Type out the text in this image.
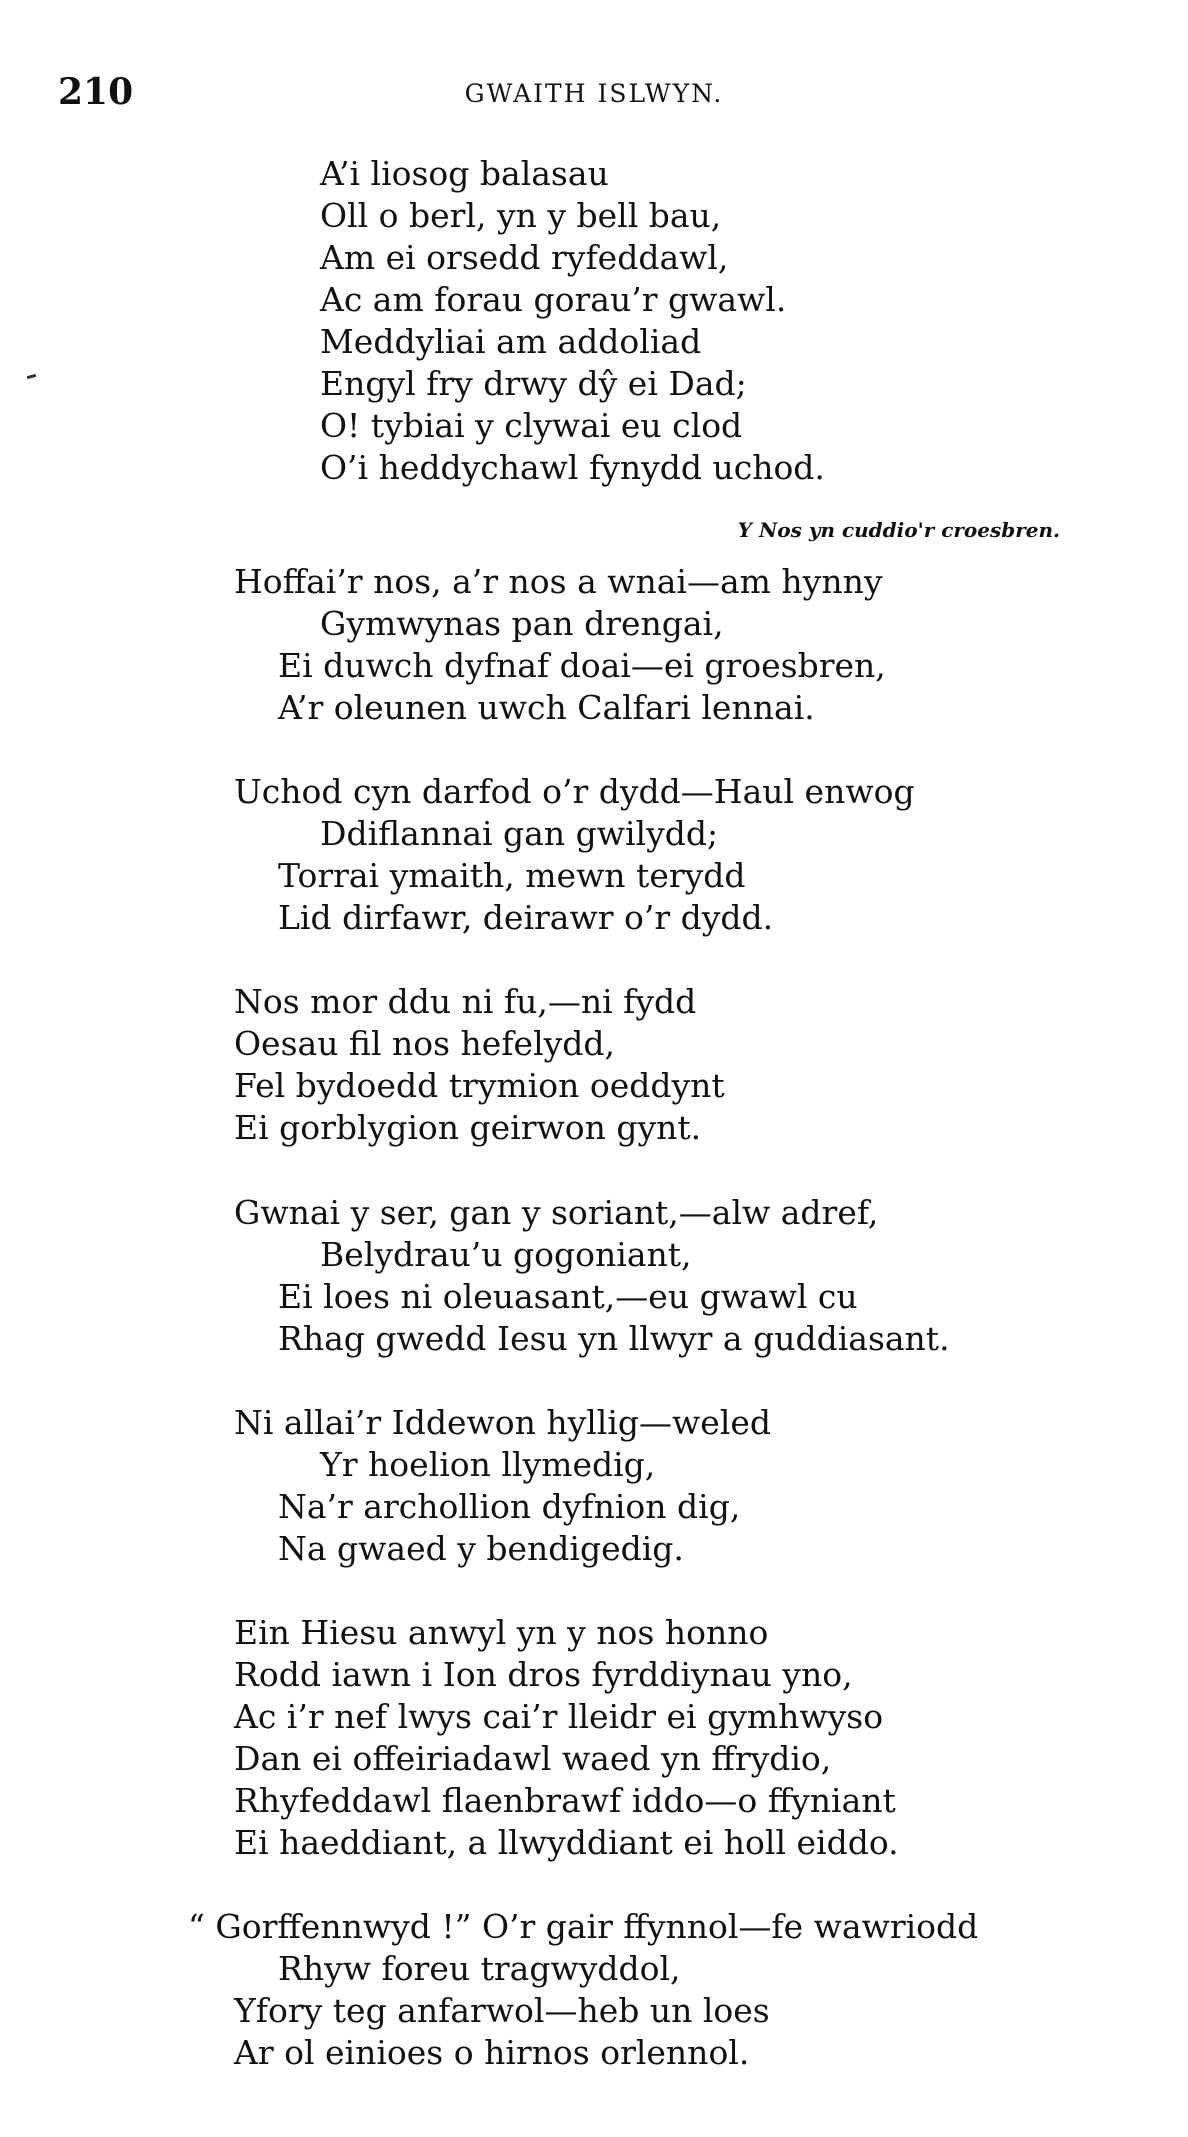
210	GWAITH ISLWYN.
A’i liosog balasau
Oll o berl, yn y bell bau,
Am ei orsedd ryfeddawl,
Ac am forau gorau’r gwawl.
Meddyliai am addoliad
Engyl fry drwy dŷ ei Dad;
O! tybiai y clywai eu clod
O’i heddychawl fynydd uchod.
Y Nos yn cuddio'r croesbren.
Hoffai’r nos, a’r nos a wnai—am hynny
Gymwynas pan drengai,
Ei duwch dyfnaf doai—ei groesbren,
A’r oleunen uwch Calfari lennai.
Uchod cyn darfod o’r dydd—Haul enwog
Ddiflannai gan gwilydd;
Torrai ymaith, mewn terydd
Lid dirfawr, deirawr o’r dydd.
Nos mor ddu ni fu,—ni fydd
Oesau fil nos hefelydd,
Fel bydoedd trymion oeddynt
Ei gorblygion geirwon gynt.
Gwnai y ser, gan y soriant,—alw adref,
Belydrau’u gogoniant,
Ei loes ni oleuasant,—eu gwawl cu
Rhag gwedd Iesu yn llwyr a guddiasant.
Ni allai’r Iddewon hyllig—weled
Yr hoelion llymedig,
Na’r archollion dyfnion dig,
Na gwaed y bendigedig.
Ein Hiesu anwyl yn y nos honno
Rodd iawn i Ion dros fyrddiynau yno,
Ac i’r nef lwys cai’r lleidr ei gymhwyso
Dan ei offeiriadawl waed yn ffrydio,
Rhyfeddawl flaenbrawf iddo—o ffyniant
Ei haeddiant, a llwyddiant ei holl eiddo.
“ Gorffennwyd !” O’r gair ffynnol—fe wawriodd
Rhyw foreu tragwyddol,
Yfory teg anfarwol—heb un loes
Ar ol einioes o hirnos orlennol.
